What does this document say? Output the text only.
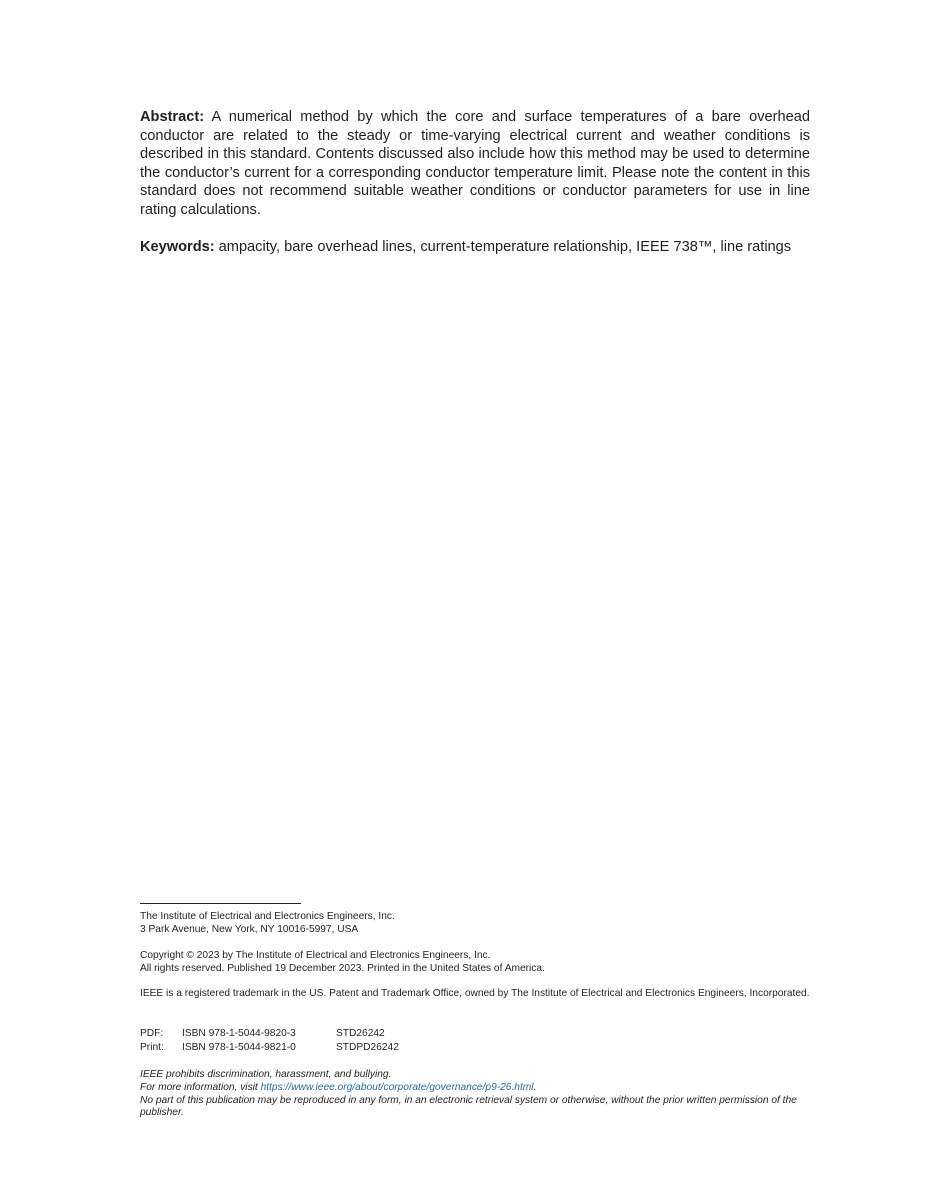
Abstract: A numerical method by which the core and surface temperatures of a bare overhead conductor are related to the steady or time-varying electrical current and weather conditions is described in this standard. Contents discussed also include how this method may be used to determine the conductor’s current for a corresponding conductor temperature limit. Please note the content in this standard does not recommend suitable weather conditions or conductor parameters for use in line rating calculations.

Keywords: ampacity, bare overhead lines, current-temperature relationship, IEEE 738™, line ratings

The Institute of Electrical and Electronics Engineers, Inc.
3 Park Avenue, New York, NY 10016-5997, USA
Copyright © 2023 by The Institute of Electrical and Electronics Engineers, Inc.
All rights reserved. Published 19 December 2023. Printed in the United States of America.
IEEE is a registered trademark in the US. Patent and Trademark Office, owned by The Institute of Electrical and Electronics Engineers, Incorporated.
PDF:	ISBN 978-1-5044-9820-3	STD26242
Print:	ISBN 978-1-5044-9821-0	STDPD26242
IEEE prohibits discrimination, harassment, and bullying.
For more information, visit https://www.ieee.org/about/corporate/governance/p9-26.html.
No part of this publication may be reproduced in any form, in an electronic retrieval system or otherwise, without the prior written permission of the publisher.
